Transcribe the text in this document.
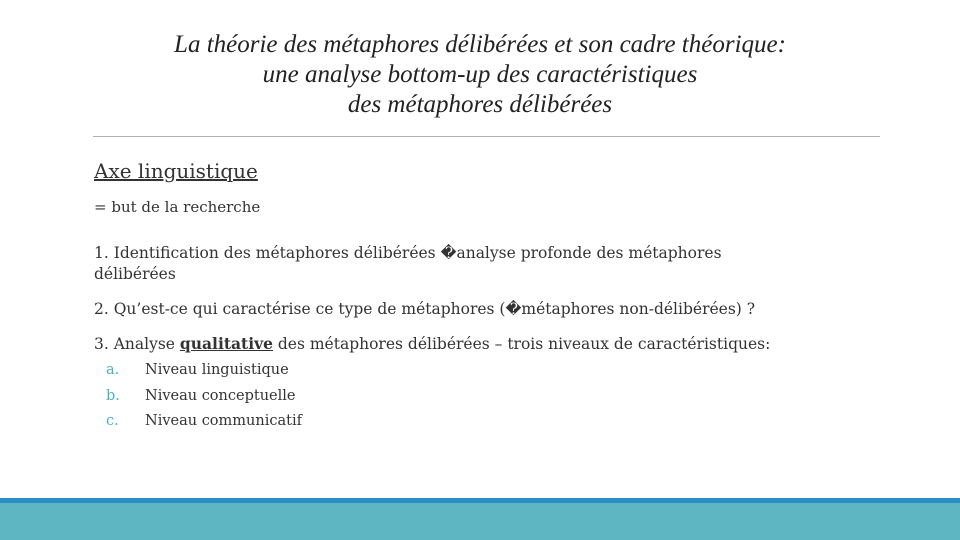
La théorie des métaphores délibérées et son cadre théorique:
une analyse bottom-up des caractéristiques
des métaphores délibérées
Axe linguistique
= but de la recherche
1. Identification des métaphores délibérées �analyse profonde des métaphores
délibérées
2. Qu’est-ce qui caractérise ce type de métaphores (�métaphores non-délibérées) ?
3. Analyse qualitative des métaphores délibérées – trois niveaux de caractéristiques:
a.	Niveau linguistique
b.	Niveau conceptuelle
c.	Niveau communicatif
